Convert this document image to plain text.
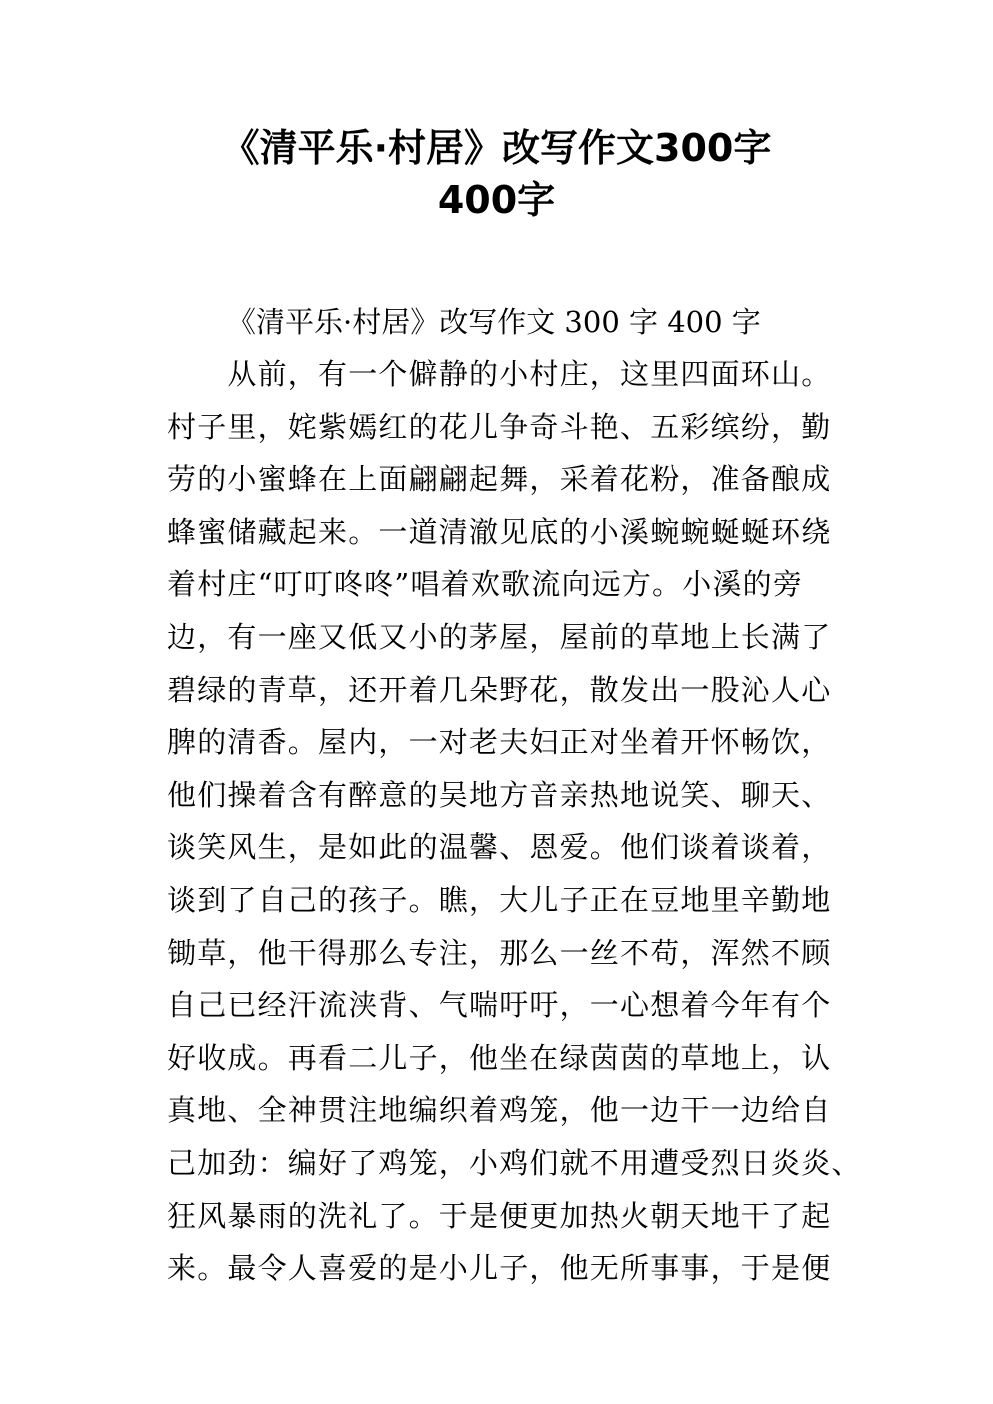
《清平乐·村居》改写作文300字
400字
《清平乐·村居》改写作文 300 字 400 字
　　从前，有一个僻静的小村庄，这里四面环山。
村子里，姹紫嫣红的花儿争奇斗艳、五彩缤纷，勤
劳的小蜜蜂在上面翩翩起舞，采着花粉，准备酿成
蜂蜜储藏起来。一道清澈见底的小溪蜿蜿蜒蜒环绕
着村庄“叮叮咚咚”唱着欢歌流向远方。小溪的旁
边，有一座又低又小的茅屋，屋前的草地上长满了
碧绿的青草，还开着几朵野花，散发出一股沁人心
脾的清香。屋内，一对老夫妇正对坐着开怀畅饮，
他们操着含有醉意的吴地方音亲热地说笑、聊天、
谈笑风生，是如此的温馨、恩爱。他们谈着谈着，
谈到了自己的孩子。瞧，大儿子正在豆地里辛勤地
锄草，他干得那么专注，那么一丝不苟，浑然不顾
自己已经汗流浃背、气喘吁吁，一心想着今年有个
好收成。再看二儿子，他坐在绿茵茵的草地上，认
真地、全神贯注地编织着鸡笼，他一边干一边给自
己加劲：编好了鸡笼，小鸡们就不用遭受烈日炎炎、
狂风暴雨的洗礼了。于是便更加热火朝天地干了起
来。最令人喜爱的是小儿子，他无所事事，于是便
